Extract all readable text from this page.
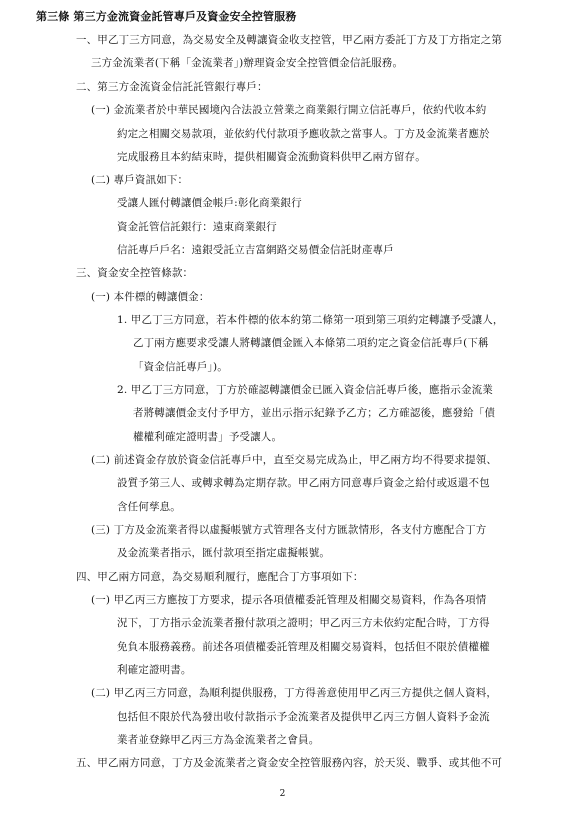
第三條 第三方金流資金託管專戶及資金安全控管服務
一、甲乙丁三方同意，為交易安全及轉讓資金收支控管，甲乙兩方委託丁方及丁方指定之第
三方金流業者(下稱「金流業者」)辦理資金安全控管價金信託服務。
二、第三方金流資金信託託管銀行專戶：
(一) 金流業者於中華民國境內合法設立營業之商業銀行開立信託專戶，依約代收本約
約定之相關交易款項，並依約代付款項予應收款之當事人。丁方及金流業者應於
完成服務且本約結束時，提供相關資金流動資料供甲乙兩方留存。
(二) 專戶資訊如下：
受讓人匯付轉讓價金帳戶:彰化商業銀行
資金託管信託銀行：遠東商業銀行
信託專戶戶名：遠銀受託立吉富網路交易價金信託財產專戶
三、資金安全控管條款：
(一) 本件標的轉讓價金：
1. 甲乙丁三方同意，若本件標的依本約第二條第一項到第三項約定轉讓予受讓人，
乙丁兩方應要求受讓人將轉讓價金匯入本條第二項約定之資金信託專戶(下稱
「資金信託專戶」)。
2. 甲乙丁三方同意，丁方於確認轉讓價金已匯入資金信託專戶後，應指示金流業
者將轉讓價金支付予甲方，並出示指示紀錄予乙方；乙方確認後，應發給「債
權權利確定證明書」予受讓人。
(二) 前述資金存放於資金信託專戶中，直至交易完成為止，甲乙兩方均不得要求提領、
設質予第三人、或轉求轉為定期存款。甲乙兩方同意專戶資金之給付或返還不包
含任何孳息。
(三) 丁方及金流業者得以虛擬帳號方式管理各支付方匯款情形，各支付方應配合丁方
及金流業者指示，匯付款項至指定虛擬帳號。
四、甲乙兩方同意，為交易順利履行，應配合丁方事項如下：
(一) 甲乙丙三方應按丁方要求，提示各項債權委託管理及相關交易資料，作為各項情
況下，丁方指示金流業者撥付款項之證明；甲乙丙三方未依約定配合時，丁方得
免負本服務義務。前述各項債權委託管理及相關交易資料，包括但不限於債權權
利確定證明書。
(二) 甲乙丙三方同意，為順利提供服務，丁方得善意使用甲乙丙三方提供之個人資料，
包括但不限於代為發出收付款指示予金流業者及提供甲乙丙三方個人資料予金流
業者並登錄甲乙丙三方為金流業者之會員。
五、甲乙兩方同意，丁方及金流業者之資金安全控管服務內容，於天災、戰爭、或其他不可
2
